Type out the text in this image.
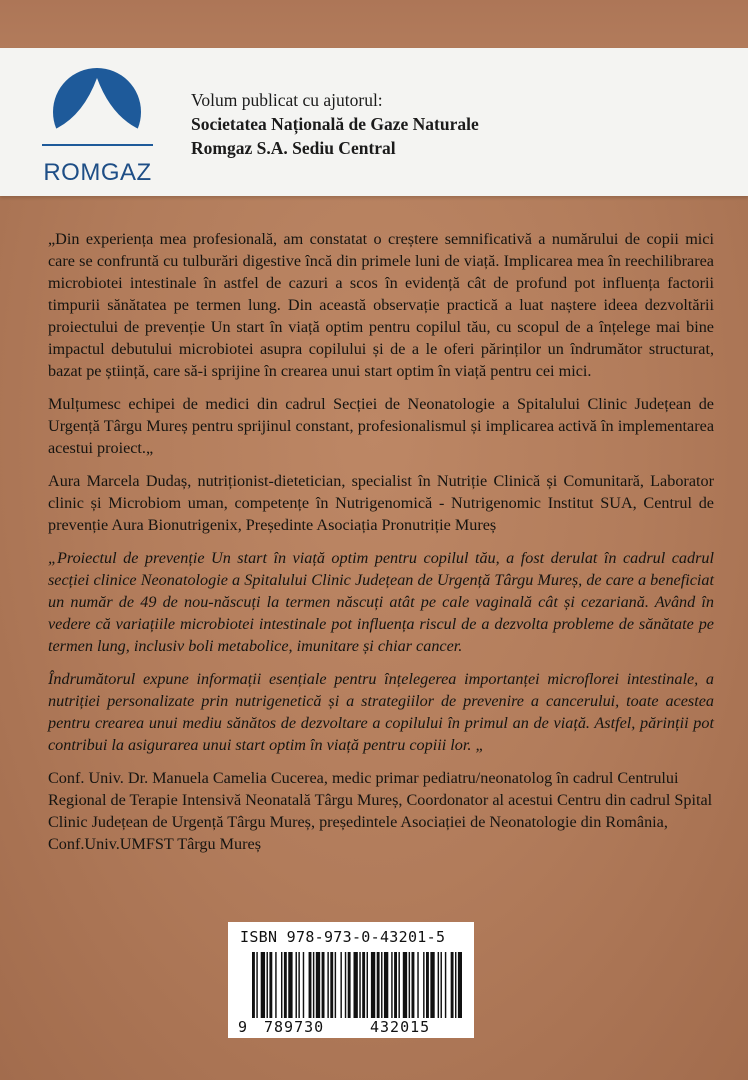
ROMGAZ
Volum publicat cu ajutorul:
Societatea Națională de Gaze Naturale
Romgaz S.A. Sediu Central

„Din experiența mea profesională, am constatat o creștere semnificativă a numărului de copii mici care se confruntă cu tulburări digestive încă din primele luni de viață. Implicarea mea în reechilibrarea microbiotei intestinale în astfel de cazuri a scos în evidență cât de profund pot influența factorii timpurii sănătatea pe termen lung. Din această observație practică a luat naștere ideea dezvoltării proiectului de prevenție Un start în viață optim pentru copilul tău, cu scopul de a înțelege mai bine impactul debutului microbiotei asupra copilului și de a le oferi părinților un îndrumător structurat, bazat pe știință, care să-i sprijine în crearea unui start optim în viață pentru cei mici.

Mulțumesc echipei de medici din cadrul Secției de Neonatologie a Spitalului Clinic Județean de Urgență Târgu Mureș pentru sprijinul constant, profesionalismul și implicarea activă în implementarea acestui proiect.„

Aura Marcela Dudaș, nutriționist-dietetician, specialist în Nutriție Clinică și Comunitară, Laborator clinic și Microbiom uman, competențe în Nutrigenomică - Nutrigenomic Institut SUA, Centrul de prevenție Aura Bionutrigenix, Președinte Asociația Pronutriție Mureș

„Proiectul de prevenție Un start în viață optim pentru copilul tău, a fost derulat în cadrul cadrul secției clinice Neonatologie a Spitalului Clinic Județean de Urgență Târgu Mureș, de care a beneficiat un număr de 49 de nou-născuți la termen născuți atât pe cale vaginală cât și cezariană. Având în vedere că variațiile microbiotei intestinale pot influența riscul de a dezvolta probleme de sănătate pe termen lung, inclusiv boli metabolice, imunitare și chiar cancer.

Îndrumătorul expune informații esențiale pentru înțelegerea importanței microflorei intestinale, a nutriției personalizate prin nutrigenetică și a strategiilor de prevenire a cancerului, toate acestea pentru crearea unui mediu sănătos de dezvoltare a copilului în primul an de viață. Astfel, părinții pot contribui la asigurarea unui start optim în viață pentru copiii lor. „

Conf. Univ. Dr. Manuela Camelia Cucerea, medic primar pediatru/neonatolog în cadrul Centrului Regional de Terapie Intensivă Neonatală Târgu Mureș, Coordonator al acestui Centru din cadrul Spital Clinic Județean de Urgență Târgu Mureș, președintele Asociației de Neonatologie din România, Conf.Univ.UMFST Târgu Mureș

ISBN 978-973-0-43201-5
9 789730	432015
